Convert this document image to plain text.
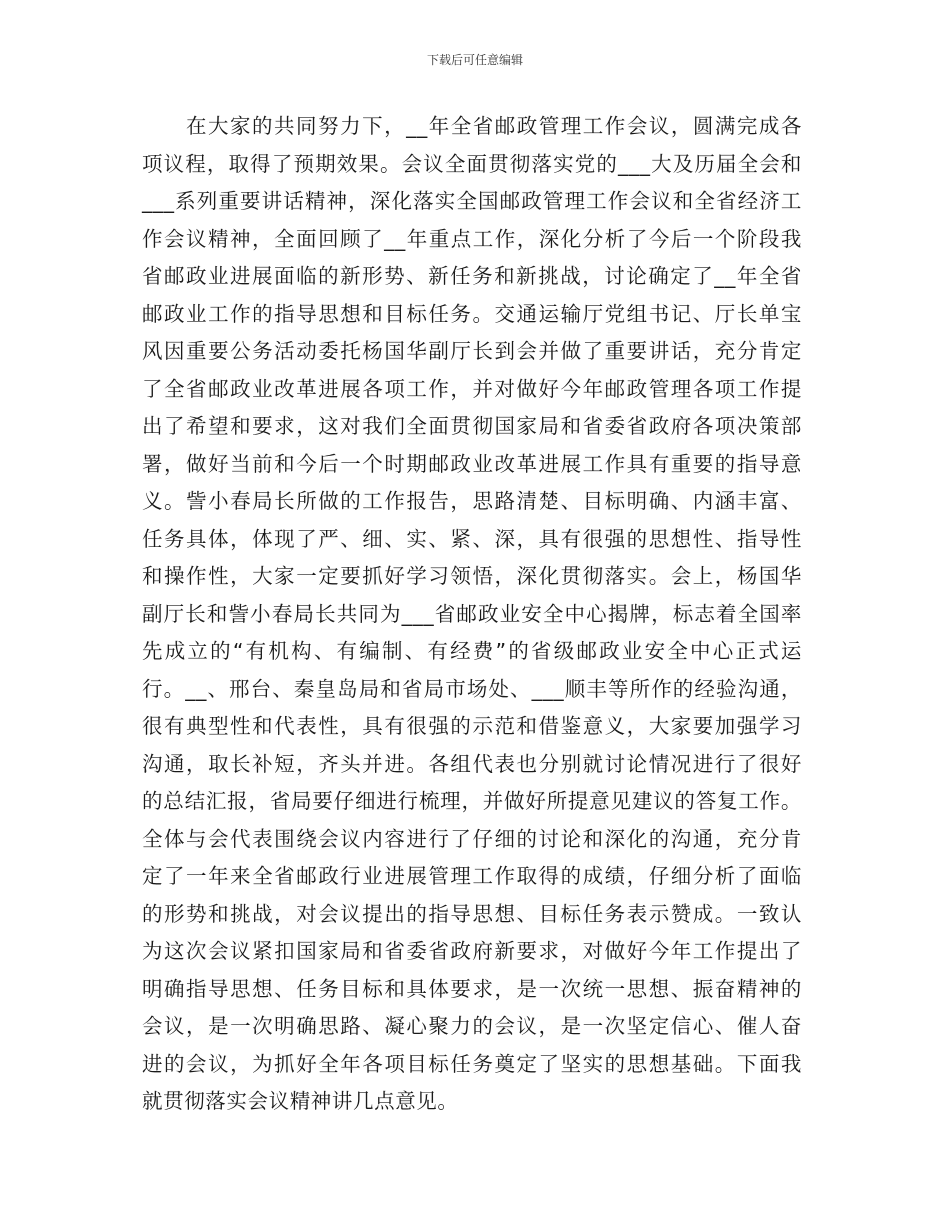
下载后可任意编辑
在大家的共同努力下，__年全省邮政管理工作会议，圆满完成各
项议程，取得了预期效果。会议全面贯彻落实党的___大及历届全会和
___系列重要讲话精神，深化落实全国邮政管理工作会议和全省经济工
作会议精神，全面回顾了__年重点工作，深化分析了今后一个阶段我
省邮政业进展面临的新形势、新任务和新挑战，讨论确定了__年全省
邮政业工作的指导思想和目标任务。交通运输厅党组书记、厅长单宝
风因重要公务活动委托杨国华副厅长到会并做了重要讲话，充分肯定
了全省邮政业改革进展各项工作，并对做好今年邮政管理各项工作提
出了希望和要求，这对我们全面贯彻国家局和省委省政府各项决策部
署，做好当前和今后一个时期邮政业改革进展工作具有重要的指导意
义。訾小春局长所做的工作报告，思路清楚、目标明确、内涵丰富、
任务具体，体现了严、细、实、紧、深，具有很强的思想性、指导性
和操作性，大家一定要抓好学习领悟，深化贯彻落实。会上，杨国华
副厅长和訾小春局长共同为___省邮政业安全中心揭牌，标志着全国率
先成立的“有机构、有编制、有经费”的省级邮政业安全中心正式运
行。__、邢台、秦皇岛局和省局市场处、___顺丰等所作的经验沟通，
很有典型性和代表性，具有很强的示范和借鉴意义，大家要加强学习
沟通，取长补短，齐头并进。各组代表也分别就讨论情况进行了很好
的总结汇报，省局要仔细进行梳理，并做好所提意见建议的答复工作。
全体与会代表围绕会议内容进行了仔细的讨论和深化的沟通，充分肯
定了一年来全省邮政行业进展管理工作取得的成绩，仔细分析了面临
的形势和挑战，对会议提出的指导思想、目标任务表示赞成。一致认
为这次会议紧扣国家局和省委省政府新要求，对做好今年工作提出了
明确指导思想、任务目标和具体要求，是一次统一思想、振奋精神的
会议，是一次明确思路、凝心聚力的会议，是一次坚定信心、催人奋
进的会议，为抓好全年各项目标任务奠定了坚实的思想基础。下面我
就贯彻落实会议精神讲几点意见。
